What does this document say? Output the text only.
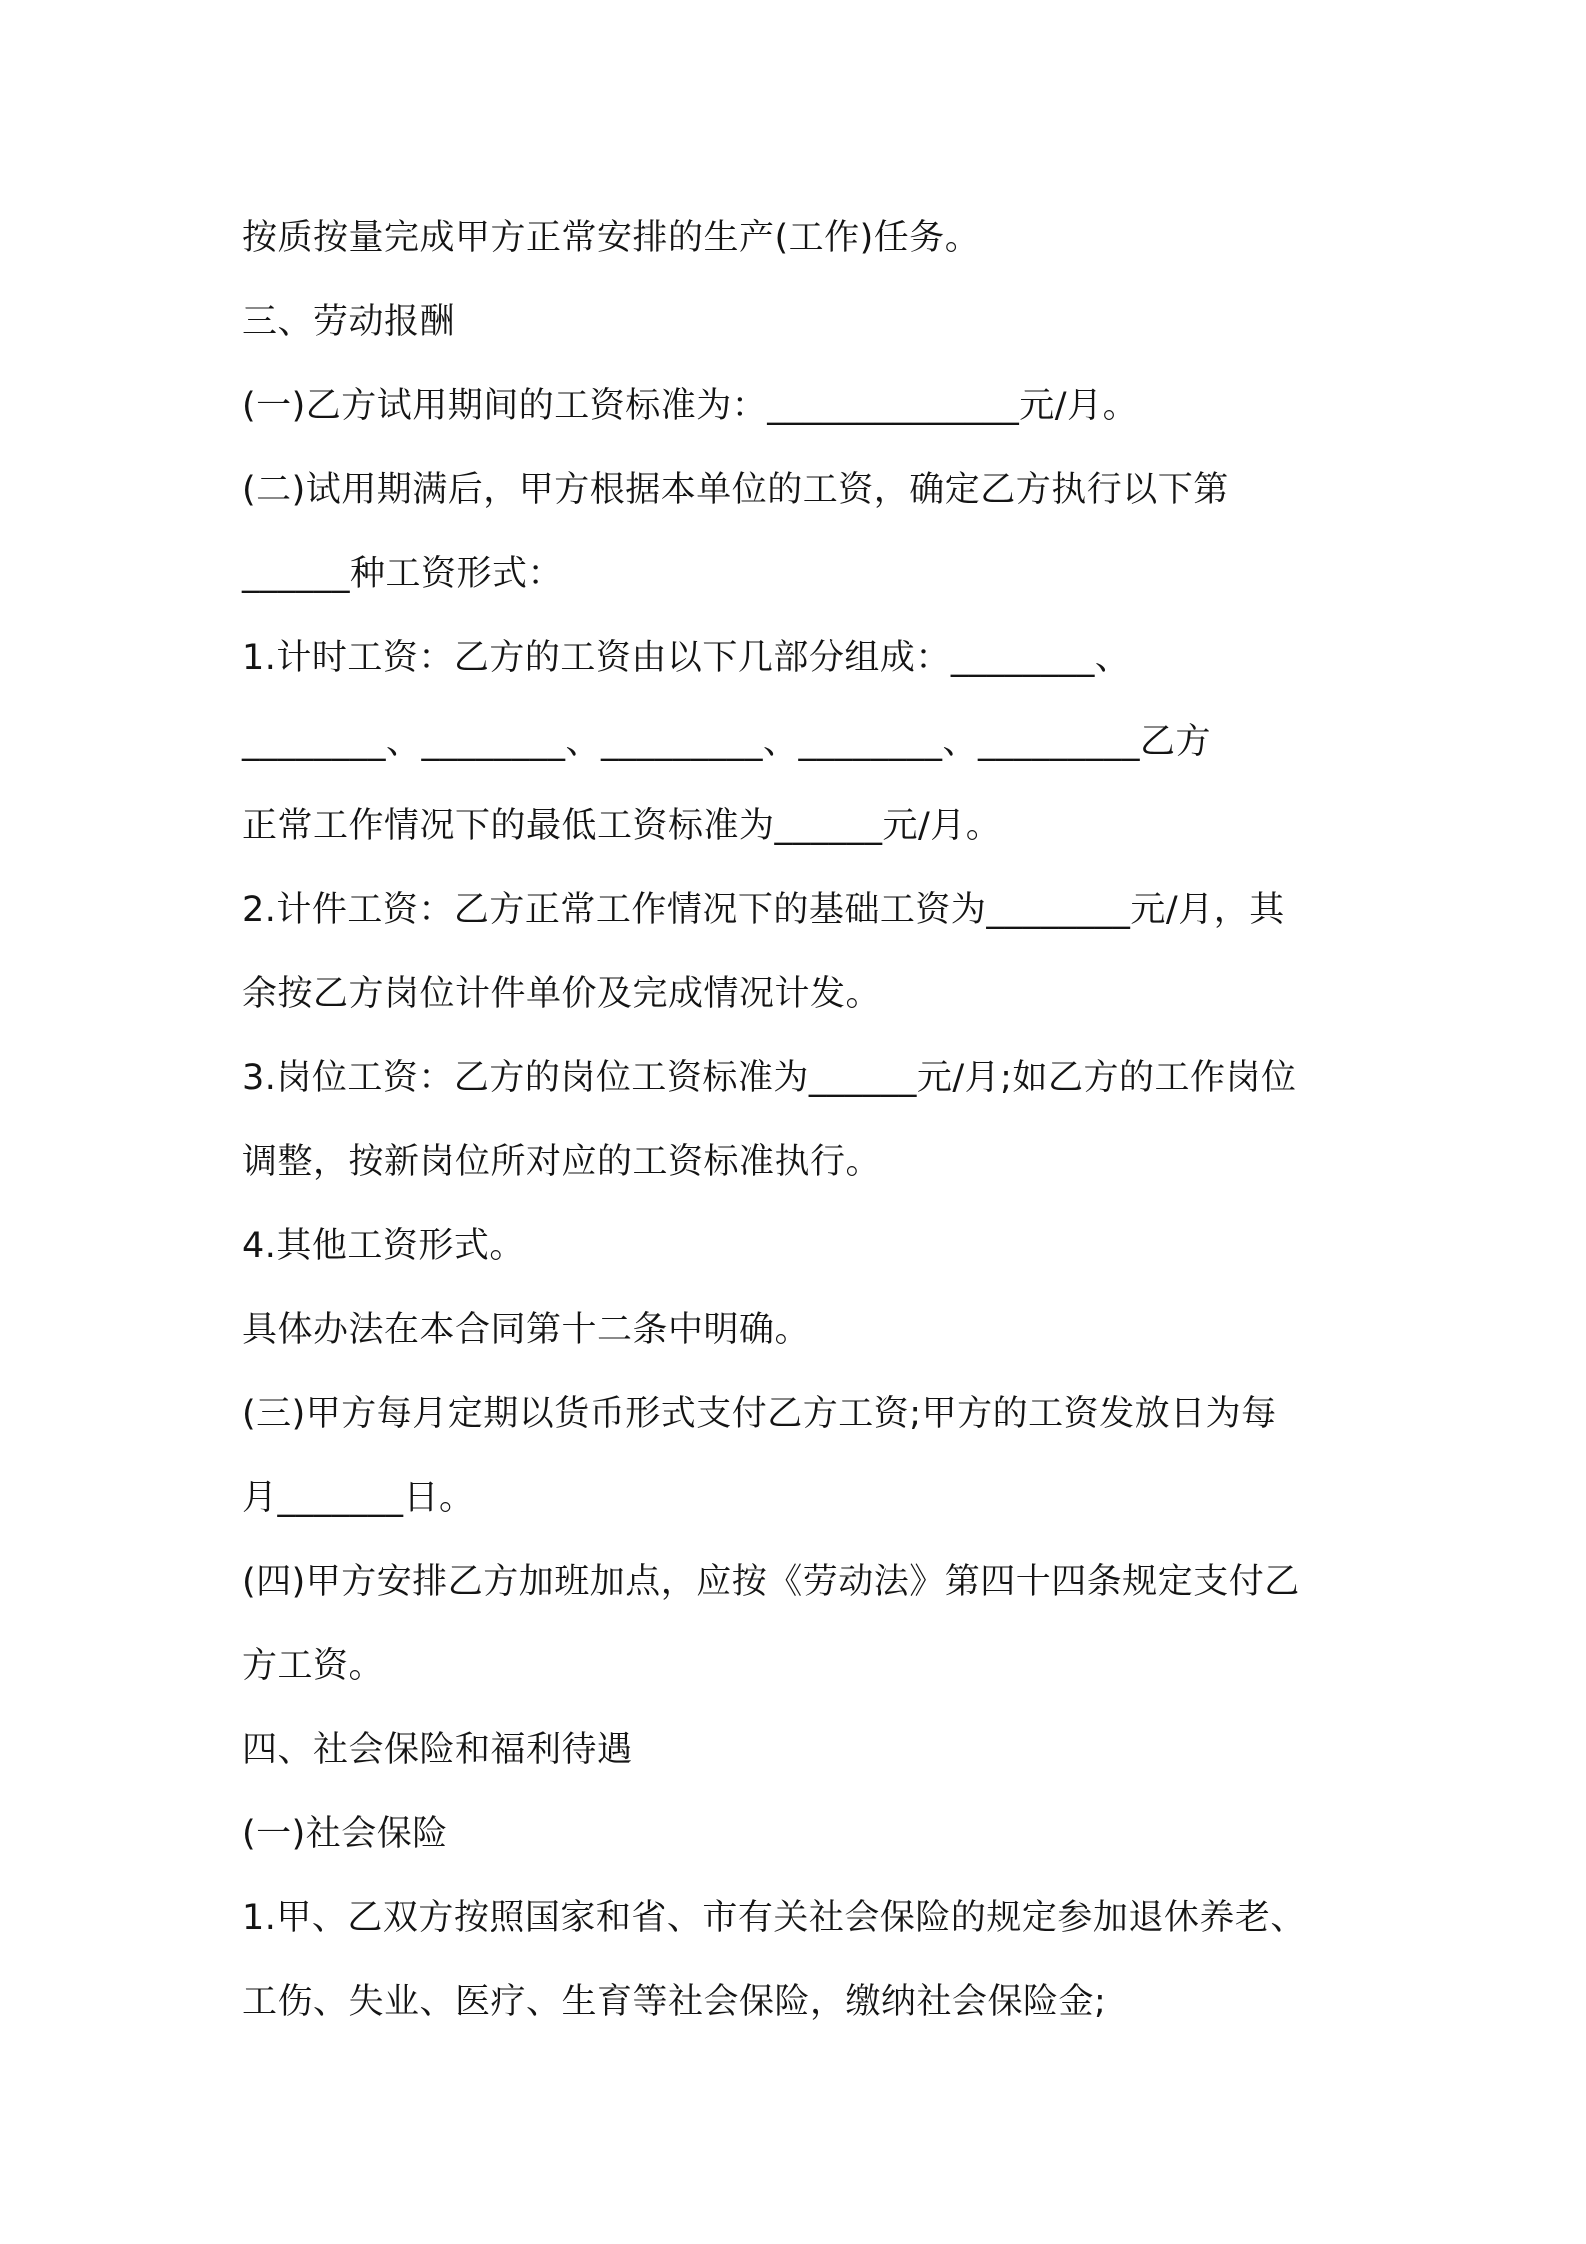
按质按量完成甲方正常安排的生产(工作)任务。
三、劳动报酬
(一)乙方试用期间的工资标准为：______________元/月。
(二)试用期满后，甲方根据本单位的工资，确定乙方执行以下第
______种工资形式：
1.计时工资：乙方的工资由以下几部分组成：________、
________、________、_________、________、_________乙方
正常工作情况下的最低工资标准为______元/月。
2.计件工资：乙方正常工作情况下的基础工资为________元/月，其
余按乙方岗位计件单价及完成情况计发。
3.岗位工资：乙方的岗位工资标准为______元/月;如乙方的工作岗位
调整，按新岗位所对应的工资标准执行。
4.其他工资形式。
具体办法在本合同第十二条中明确。
(三)甲方每月定期以货币形式支付乙方工资;甲方的工资发放日为每
月_______日。
(四)甲方安排乙方加班加点，应按《劳动法》第四十四条规定支付乙
方工资。
四、社会保险和福利待遇
(一)社会保险
1.甲、乙双方按照国家和省、市有关社会保险的规定参加退休养老、
工伤、失业、医疗、生育等社会保险，缴纳社会保险金;
